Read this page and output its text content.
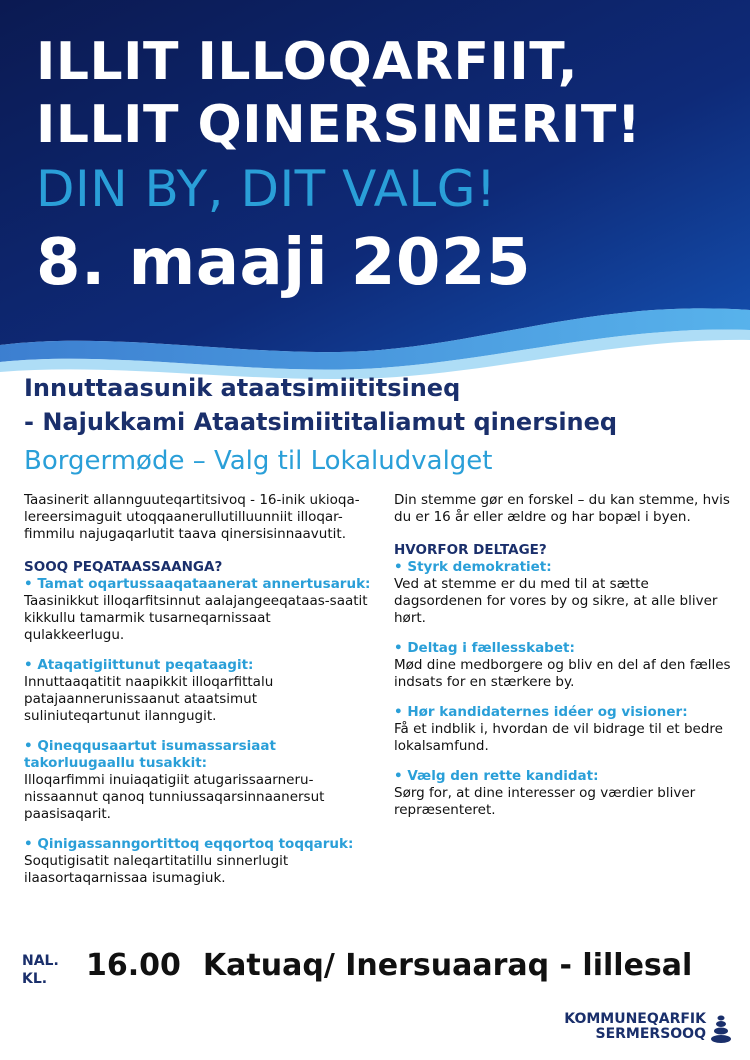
ILLIT ILLOQARFIIT,

ILLIT QINERSINERIT!

DIN BY, DIT VALG!

8. maaji 2025

Innuttaasunik ataatsimiititsineq

- Najukkami Ataatsimiititaliamut qinersineq

Borgermøde – Valg til Lokaludvalget

Taasinerit allannguuteqartitsivoq - 16-inik ukioqa-lereersimaguit utoqqaanerullutilluunniit illoqar-fimmilu najugaqarlutit taava qinersisinnaavutit.

SOOQ PEQATAASSAANGA?

• Tamat oqartussaaqataanerat annertusaruk:
Taasinikkut illoqarfitsinnut aalajangeeqataas-saatit kikkullu tamarmik tusarneqarnissaat qulakkeerlugu.
• Ataqatigiittunut peqataagit:
Innuttaaqatitit naapikkit illoqarfittalu patajaannerunissaanut ataatsimut suliniuteqartunut ilanngugit.
• Qineqqusaartut isumassarsiaat takorluugaallu tusakkit:
Illoqarfimmi inuiaqatigiit atugarissaarneru-nissaannut qanoq tunniussaqarsinnaanersut paasisaqarit.
• Qinigassanngortittoq eqqortoq toqqaruk:
Soqutigisatit naleqartitatillu sinnerlugit ilaasortaqarnissaa isumagiuk.

Din stemme gør en forskel – du kan stemme, hvis du er 16 år eller ældre og har bopæl i byen.

HVORFOR DELTAGE?

• Styrk demokratiet:
Ved at stemme er du med til at sætte dagsordenen for vores by og sikre, at alle bliver hørt.
• Deltag i fællesskabet:
Mød dine medborgere og bliv en del af den fælles indsats for en stærkere by.
• Hør kandidaternes idéer og visioner:
Få et indblik i, hvordan de vil bidrage til et bedre lokalsamfund.
• Vælg den rette kandidat:
Sørg for, at dine interesser og værdier bliver repræsenteret.
NAL.
KL.	16.00 Katuaq/ Inersuaaraq - lillesal
KOMMUNEQARFIK
SERMERSOOQ
